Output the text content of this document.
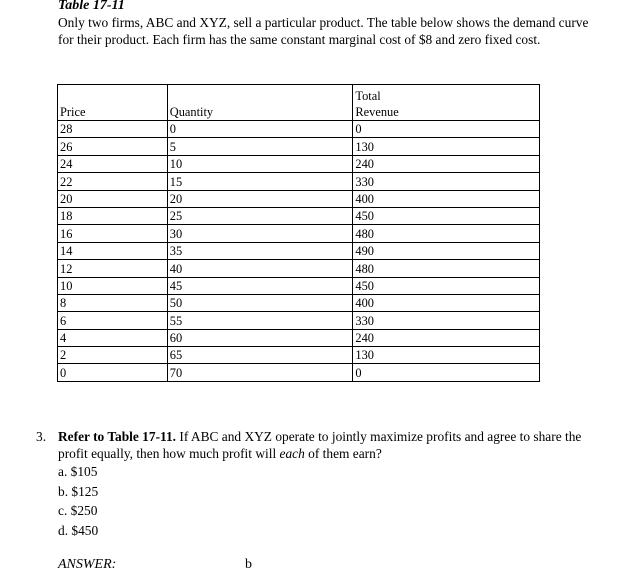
Table 17-11
Only two firms, ABC and XYZ, sell a particular product. The table below shows the demand curve for their product. Each firm has the same constant marginal cost of $8 and zero fixed cost.
Price	Quantity	Total
Revenue

28	0	0
26	5	130
24	10	240
22	15	330
20	20	400
18	25	450
16	30	480
14	35	490
12	40	480
10	45	450
8	50	400
6	55	330
4	60	240
2	65	130
0	70	0
3. Refer to Table 17-11. If ABC and XYZ operate to jointly maximize profits and agree to share the profit equally, then how much profit will each of them earn?
a. $105
b. $125
c. $250
d. $450
ANSWER:	b
